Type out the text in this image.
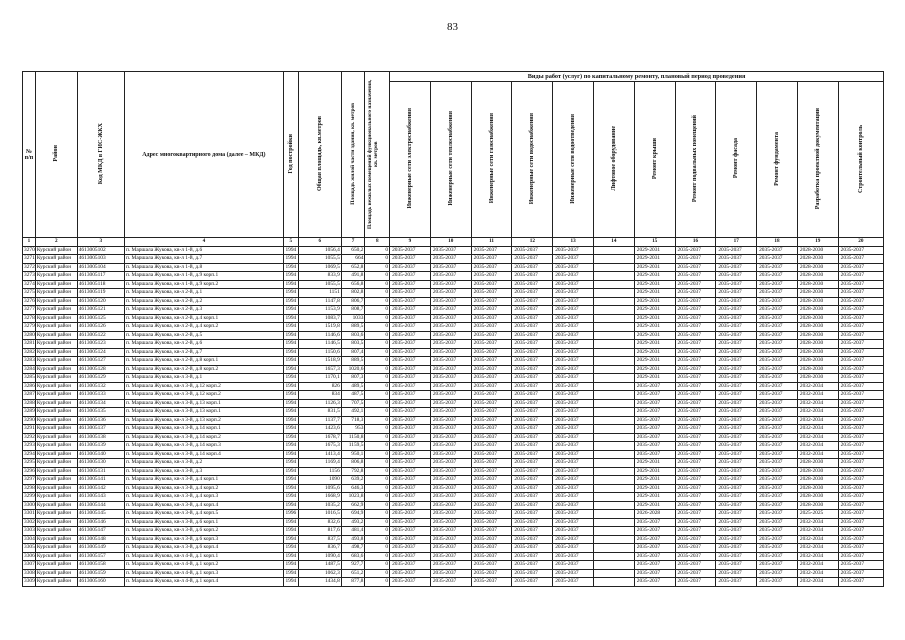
83
№ п/п	Район	Код МКД в ГИС-ЖКХ	Адрес многоквартирного дома (далее – МКД)	Год постройки	Общая площадь, кв.метров	Площадь жилой части здания, кв. метров	Площадь нежилых помещений функционального назначения, кв. метров	Виды работ (услуг) по капитальному ремонту, плановый период проведения											
								Инженерные сети электроснабжения	Инженерные сети теплоснабжения	Инженерные сети газоснабжения	Инженерные сети водоснабжения	Инженерные сети водоотведения	Лифтовое оборудование	Ремонт крыши	Ремонт подвальных помещений	Ремонт фасада	Ремонт фундамента	Разработка проектной документации	Строительный контроль
1	2	3	4	5	6	7	8	9	10	11	12	13	14	15	16	17	18	19	20
3270	Курский район	4613005102	п. Маршала Жукова, кв-л 1-й, д.6	1994	1056,4	650,2	0	2035-2037	2035-2037	2035-2037	2035-2037	2035-2037		2029-2031	2035-2037	2035-2037	2035-2037	2028-2030	2035-2037
3271	Курский район	4613005103	п. Маршала Жукова, кв-л 1-й, д.7	1994	1055,5	664	0	2035-2037	2035-2037	2035-2037	2035-2037	2035-2037		2029-2031	2035-2037	2035-2037	2035-2037	2028-2030	2035-2037
3272	Курский район	4613005104	п. Маршала Жукова, кв-л 1-й, д.8	1994	1069,5	652,8	0	2035-2037	2035-2037	2035-2037	2035-2037	2035-2037		2029-2031	2035-2037	2035-2037	2035-2037	2028-2030	2035-2037
3273	Курский район	4613005117	п. Маршала Жукова, кв-л 1-й, д.9 корп.1	1994	833,9	491,8	0	2035-2037	2035-2037	2035-2037	2035-2037	2035-2037		2029-2031	2035-2037	2035-2037	2035-2037	2028-2030	2035-2037
3274	Курский район	4613005118	п. Маршала Жукова, кв-л 1-й, д.9 корп.2	1994	1055,5	656,8	0	2035-2037	2035-2037	2035-2037	2035-2037	2035-2037		2029-2031	2035-2037	2035-2037	2035-2037	2028-2030	2035-2037
3275	Курский район	4613005119	п. Маршала Жукова, кв-л 2-й, д.1	1994	1151	802,8	0	2035-2037	2035-2037	2035-2037	2035-2037	2035-2037		2029-2031	2035-2037	2035-2037	2035-2037	2028-2030	2035-2037
3276	Курский район	4613005120	п. Маршала Жукова, кв-л 2-й, д.2	1994	1147,8	806,7	0	2035-2037	2035-2037	2035-2037	2035-2037	2035-2037		2029-2031	2035-2037	2035-2037	2035-2037	2028-2030	2035-2037
3277	Курский район	4613005121	п. Маршала Жукова, кв-л 2-й, д.3	1994	1153,9	808,7	0	2035-2037	2035-2037	2035-2037	2035-2037	2035-2037		2029-2031	2035-2037	2035-2037	2035-2037	2028-2030	2035-2037
3278	Курский район	4613005125	п. Маршала Жукова, кв-л 2-й, д.4 корп.1	1994	1083,7	1033	0	2035-2037	2035-2037	2035-2037	2035-2037	2035-2037		2029-2031	2035-2037	2035-2037	2035-2037	2028-2030	2035-2037
3279	Курский район	4613005126	п. Маршала Жукова, кв-л 2-й, д.4 корп.2	1994	1519,8	889,5	0	2035-2037	2035-2037	2035-2037	2035-2037	2035-2037		2029-2031	2035-2037	2035-2037	2035-2037	2028-2030	2035-2037
3280	Курский район	4613005122	п. Маршала Жукова, кв-л 2-й, д.5	1994	1146,6	803,6	0	2035-2037	2035-2037	2035-2037	2035-2037	2035-2037		2029-2031	2035-2037	2035-2037	2035-2037	2028-2030	2035-2037
3281	Курский район	4613005123	п. Маршала Жукова, кв-л 2-й, д.6	1994	1146,5	803,5	0	2035-2037	2035-2037	2035-2037	2035-2037	2035-2037		2029-2031	2035-2037	2035-2037	2035-2037	2028-2030	2035-2037
3282	Курский район	4613005124	п. Маршала Жукова, кв-л 2-й, д.7	1994	1150,6	807,4	0	2035-2037	2035-2037	2035-2037	2035-2037	2035-2037		2029-2031	2035-2037	2035-2037	2035-2037	2028-2030	2035-2037
3283	Курский район	4613005127	п. Маршала Жукова, кв-л 2-й, д.8 корп.1	1994	1518,9	889,5	0	2035-2037	2035-2037	2035-2037	2035-2037	2035-2037		2029-2031	2035-2037	2035-2037	2035-2037	2028-2030	2035-2037
3284	Курский район	4613005128	п. Маршала Жукова, кв-л 2-й, д.8 корп.2	1994	1657,3	1020,6	0	2035-2037	2035-2037	2035-2037	2035-2037	2035-2037		2029-2031	2035-2037	2035-2037	2035-2037	2028-2030	2035-2037
3285	Курский район	4613005129	п. Маршала Жукова, кв-л 3-й, д.1	1994	1170,1	807,3	0	2035-2037	2035-2037	2035-2037	2035-2037	2035-2037		2029-2031	2035-2037	2035-2037	2035-2037	2028-2030	2035-2037
3286	Курский район	4613005132	п. Маршала Жукова, кв-л 3-й, д.12 корп.2	1994	826	489,5	0	2035-2037	2035-2037	2035-2037	2035-2037	2035-2037		2035-2037	2035-2037	2035-2037	2035-2037	2032-2034	2035-2037
3287	Курский район	4613005133	п. Маршала Жукова, кв-л 3-й, д.12 корп.2	1994	834	487,5	0	2035-2037	2035-2037	2035-2037	2035-2037	2035-2037		2035-2037	2035-2037	2035-2037	2035-2037	2032-2034	2035-2037
3288	Курский район	4613005134	п. Маршала Жукова, кв-л 3-й, д.13 корп.1	1994	1126,3	707,5	0	2035-2037	2035-2037	2035-2037	2035-2037	2035-2037		2035-2037	2035-2037	2035-2037	2035-2037	2032-2034	2035-2037
3289	Курский район	4613005135	п. Маршала Жукова, кв-л 3-й, д.13 корп.1	1994	831,5	492,1	0	2035-2037	2035-2037	2035-2037	2035-2037	2035-2037		2035-2037	2035-2037	2035-2037	2035-2037	2032-2034	2035-2037
3290	Курский район	4613005136	п. Маршала Жукова, кв-л 3-й, д.13 корп.2	1994	1137,7	718,3	0	2035-2037	2035-2037	2035-2037	2035-2037	2035-2037		2035-2037	2035-2037	2035-2037	2035-2037	2032-2034	2035-2037
3291	Курский район	4613005137	п. Маршала Жукова, кв-л 3-й, д.14 корп.1	1994	1423,6	953	0	2035-2037	2035-2037	2035-2037	2035-2037	2035-2037		2035-2037	2035-2037	2035-2037	2035-2037	2032-2034	2035-2037
3292	Курский район	4613005138	п. Маршала Жукова, кв-л 3-й, д.14 корп.2	1994	1678,7	1150,8	0	2035-2037	2035-2037	2035-2037	2035-2037	2035-2037		2035-2037	2035-2037	2035-2037	2035-2037	2032-2034	2035-2037
3293	Курский район	4613005139	п. Маршала Жукова, кв-л 3-й, д.14 корп.3	1994	1675,3	1159,5	0	2035-2037	2035-2037	2035-2037	2035-2037	2035-2037		2035-2037	2035-2037	2035-2037	2035-2037	2032-2034	2035-2037
3294	Курский район	4613005140	п. Маршала Жукова, кв-л 3-й, д.14 корп.4	1994	1413,4	950,1	0	2035-2037	2035-2037	2035-2037	2035-2037	2035-2037		2035-2037	2035-2037	2035-2037	2035-2037	2032-2034	2035-2037
3295	Курский район	4613005130	п. Маршала Жукова, кв-л 3-й, д.2	1994	1169,4	806,8	0	2035-2037	2035-2037	2035-2037	2035-2037	2035-2037		2029-2031	2035-2037	2035-2037	2035-2037	2028-2030	2035-2037
3296	Курский район	4613005131	п. Маршала Жукова, кв-л 3-й, д.3	1994	1156	792,8	0	2035-2037	2035-2037	2035-2037	2035-2037	2035-2037		2029-2031	2035-2037	2035-2037	2035-2037	2028-2030	2035-2037
3297	Курский район	4613005141	п. Маршала Жукова, кв-л 3-й, д.4 корп.1	1994	1090	639,2	0	2035-2037	2035-2037	2035-2037	2035-2037	2035-2037		2029-2031	2035-2037	2035-2037	2035-2037	2028-2030	2035-2037
3298	Курский район	4613005142	п. Маршала Жукова, кв-л 3-й, д.4 корп.2	1994	1095,6	646,3	0	2035-2037	2035-2037	2035-2037	2035-2037	2035-2037		2029-2031	2035-2037	2035-2037	2035-2037	2028-2030	2035-2037
3299	Курский район	4613005143	п. Маршала Жукова, кв-л 3-й, д.4 корп.3	1994	1668,9	1023,8	0	2035-2037	2035-2037	2035-2037	2035-2037	2035-2037		2029-2031	2035-2037	2035-2037	2035-2037	2028-2030	2035-2037
3300	Курский район	4613005144	п. Маршала Жукова, кв-л 3-й, д.4 корп.4	1994	1035,2	662,9	0	2035-2037	2035-2037	2035-2037	2035-2037	2035-2037		2029-2031	2035-2037	2035-2037	2035-2037	2028-2030	2035-2037
3301	Курский район	4613005145	п. Маршала Жукова, кв-л 3-й, д.4 корп.5	1996	1016,5	694,9	0	2035-2037	2035-2037	2035-2037	2035-2037	2035-2037		2026-2028	2035-2037	2035-2037	2035-2037	2025-2025	2035-2037
3302	Курский район	4613005146	п. Маршала Жукова, кв-л 3-й, д.6 корп.1	1994	832,6	493,2	0	2035-2037	2035-2037	2035-2037	2035-2037	2035-2037		2035-2037	2035-2037	2035-2037	2035-2037	2032-2034	2035-2037
3303	Курский район	4613005147	п. Маршала Жукова, кв-л 3-й, д.6 корп.2	1994	817,6	481,4	0	2035-2037	2035-2037	2035-2037	2035-2037	2035-2037		2035-2037	2035-2037	2035-2037	2035-2037	2032-2034	2035-2037
3304	Курский район	4613005148	п. Маршала Жукова, кв-л 3-й, д.6 корп.3	1994	837,5	493,8	0	2035-2037	2035-2037	2035-2037	2035-2037	2035-2037		2035-2037	2035-2037	2035-2037	2035-2037	2032-2034	2035-2037
3305	Курский район	4613005149	п. Маршала Жукова, кв-л 3-й, д.6 корп.4	1994	836,7	498,7	0	2035-2037	2035-2037	2035-2037	2035-2037	2035-2037		2035-2037	2035-2037	2035-2037	2035-2037	2032-2034	2035-2037
3306	Курский район	4613005157	п. Маршала Жукова, кв-л 4-й, д.1 корп.1	1994	1090,4	683,6	0	2035-2037	2035-2037	2035-2037	2035-2037	2035-2037		2035-2037	2035-2037	2035-2037	2035-2037	2032-2034	2035-2037
3307	Курский район	4613005158	п. Маршала Жукова, кв-л 4-й, д.1 корп.2	1994	1487,5	927,7	0	2035-2037	2035-2037	2035-2037	2035-2037	2035-2037		2035-2037	2035-2037	2035-2037	2035-2037	2032-2034	2035-2037
3308	Курский район	4613005159	п. Маршала Жукова, кв-л 4-й, д.1 корп.3	1994	1062,3	651,2	0	2035-2037	2035-2037	2035-2037	2035-2037	2035-2037		2035-2037	2035-2037	2035-2037	2035-2037	2032-2034	2035-2037
3309	Курский район	4613005160	п. Маршала Жукова, кв-л 4-й, д.1 корп.4	1994	1434,8	877,8	0	2035-2037	2035-2037	2035-2037	2035-2037	2035-2037		2035-2037	2035-2037	2035-2037	2035-2037	2032-2034	2035-2037
